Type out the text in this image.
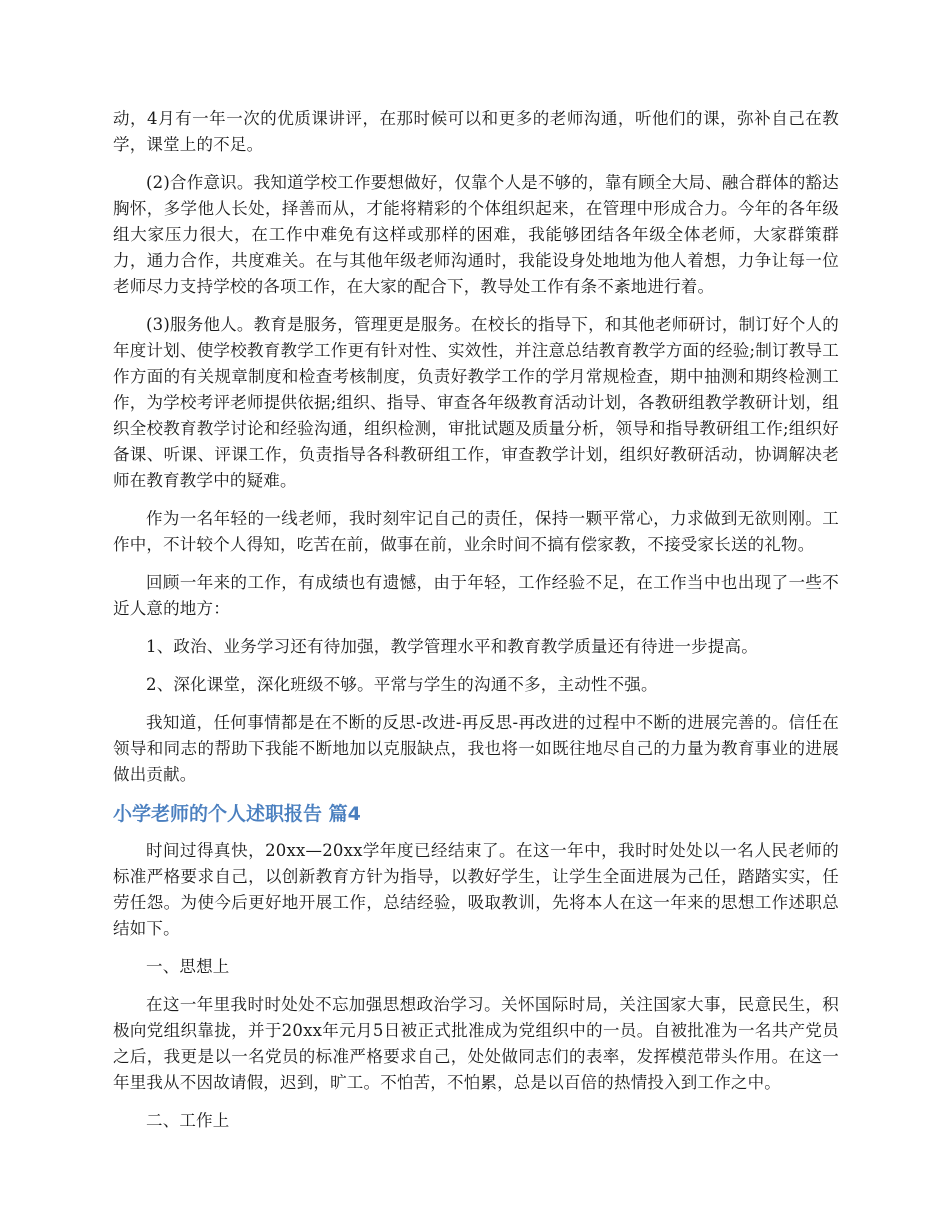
动，4月有一年一次的优质课讲评，在那时候可以和更多的老师沟通，听他们的课，弥补自己在教学，课堂上的不足。

(2)合作意识。我知道学校工作要想做好，仅靠个人是不够的，靠有顾全大局、融合群体的豁达胸怀，多学他人长处，择善而从，才能将精彩的个体组织起来，在管理中形成合力。今年的各年级组大家压力很大，在工作中难免有这样或那样的困难，我能够团结各年级全体老师，大家群策群力，通力合作，共度难关。在与其他年级老师沟通时，我能设身处地地为他人着想，力争让每一位老师尽力支持学校的各项工作，在大家的配合下，教导处工作有条不紊地进行着。

(3)服务他人。教育是服务，管理更是服务。在校长的指导下，和其他老师研讨，制订好个人的年度计划、使学校教育教学工作更有针对性、实效性，并注意总结教育教学方面的经验;制订教导工作方面的有关规章制度和检查考核制度，负责好教学工作的学月常规检查，期中抽测和期终检测工作，为学校考评老师提供依据;组织、指导、审查各年级教育活动计划，各教研组教学教研计划，组织全校教育教学讨论和经验沟通，组织检测，审批试题及质量分析，领导和指导教研组工作;组织好备课、听课、评课工作，负责指导各科教研组工作，审查教学计划，组织好教研活动，协调解决老师在教育教学中的疑难。

作为一名年轻的一线老师，我时刻牢记自己的责任，保持一颗平常心，力求做到无欲则刚。工作中，不计较个人得知，吃苦在前，做事在前，业余时间不搞有偿家教，不接受家长送的礼物。

回顾一年来的工作，有成绩也有遗憾，由于年轻，工作经验不足，在工作当中也出现了一些不近人意的地方：

1、政治、业务学习还有待加强，教学管理水平和教育教学质量还有待进一步提高。

2、深化课堂，深化班级不够。平常与学生的沟通不多，主动性不强。

我知道，任何事情都是在不断的反思-改进-再反思-再改进的过程中不断的进展完善的。信任在领导和同志的帮助下我能不断地加以克服缺点，我也将一如既往地尽自己的力量为教育事业的进展做出贡献。

小学老师的个人述职报告 篇4

时间过得真快，20xx—20xx学年度已经结束了。在这一年中，我时时处处以一名人民老师的标准严格要求自己，以创新教育方针为指导，以教好学生，让学生全面进展为己任，踏踏实实，任劳任怨。为使今后更好地开展工作，总结经验，吸取教训，先将本人在这一年来的思想工作述职总结如下。

一、思想上

在这一年里我时时处处不忘加强思想政治学习。关怀国际时局，关注国家大事，民意民生，积极向党组织靠拢，并于20xx年元月5日被正式批准成为党组织中的一员。自被批准为一名共产党员之后，我更是以一名党员的标准严格要求自己，处处做同志们的表率，发挥模范带头作用。在这一年里我从不因故请假，迟到，旷工。不怕苦，不怕累，总是以百倍的热情投入到工作之中。

二、工作上
